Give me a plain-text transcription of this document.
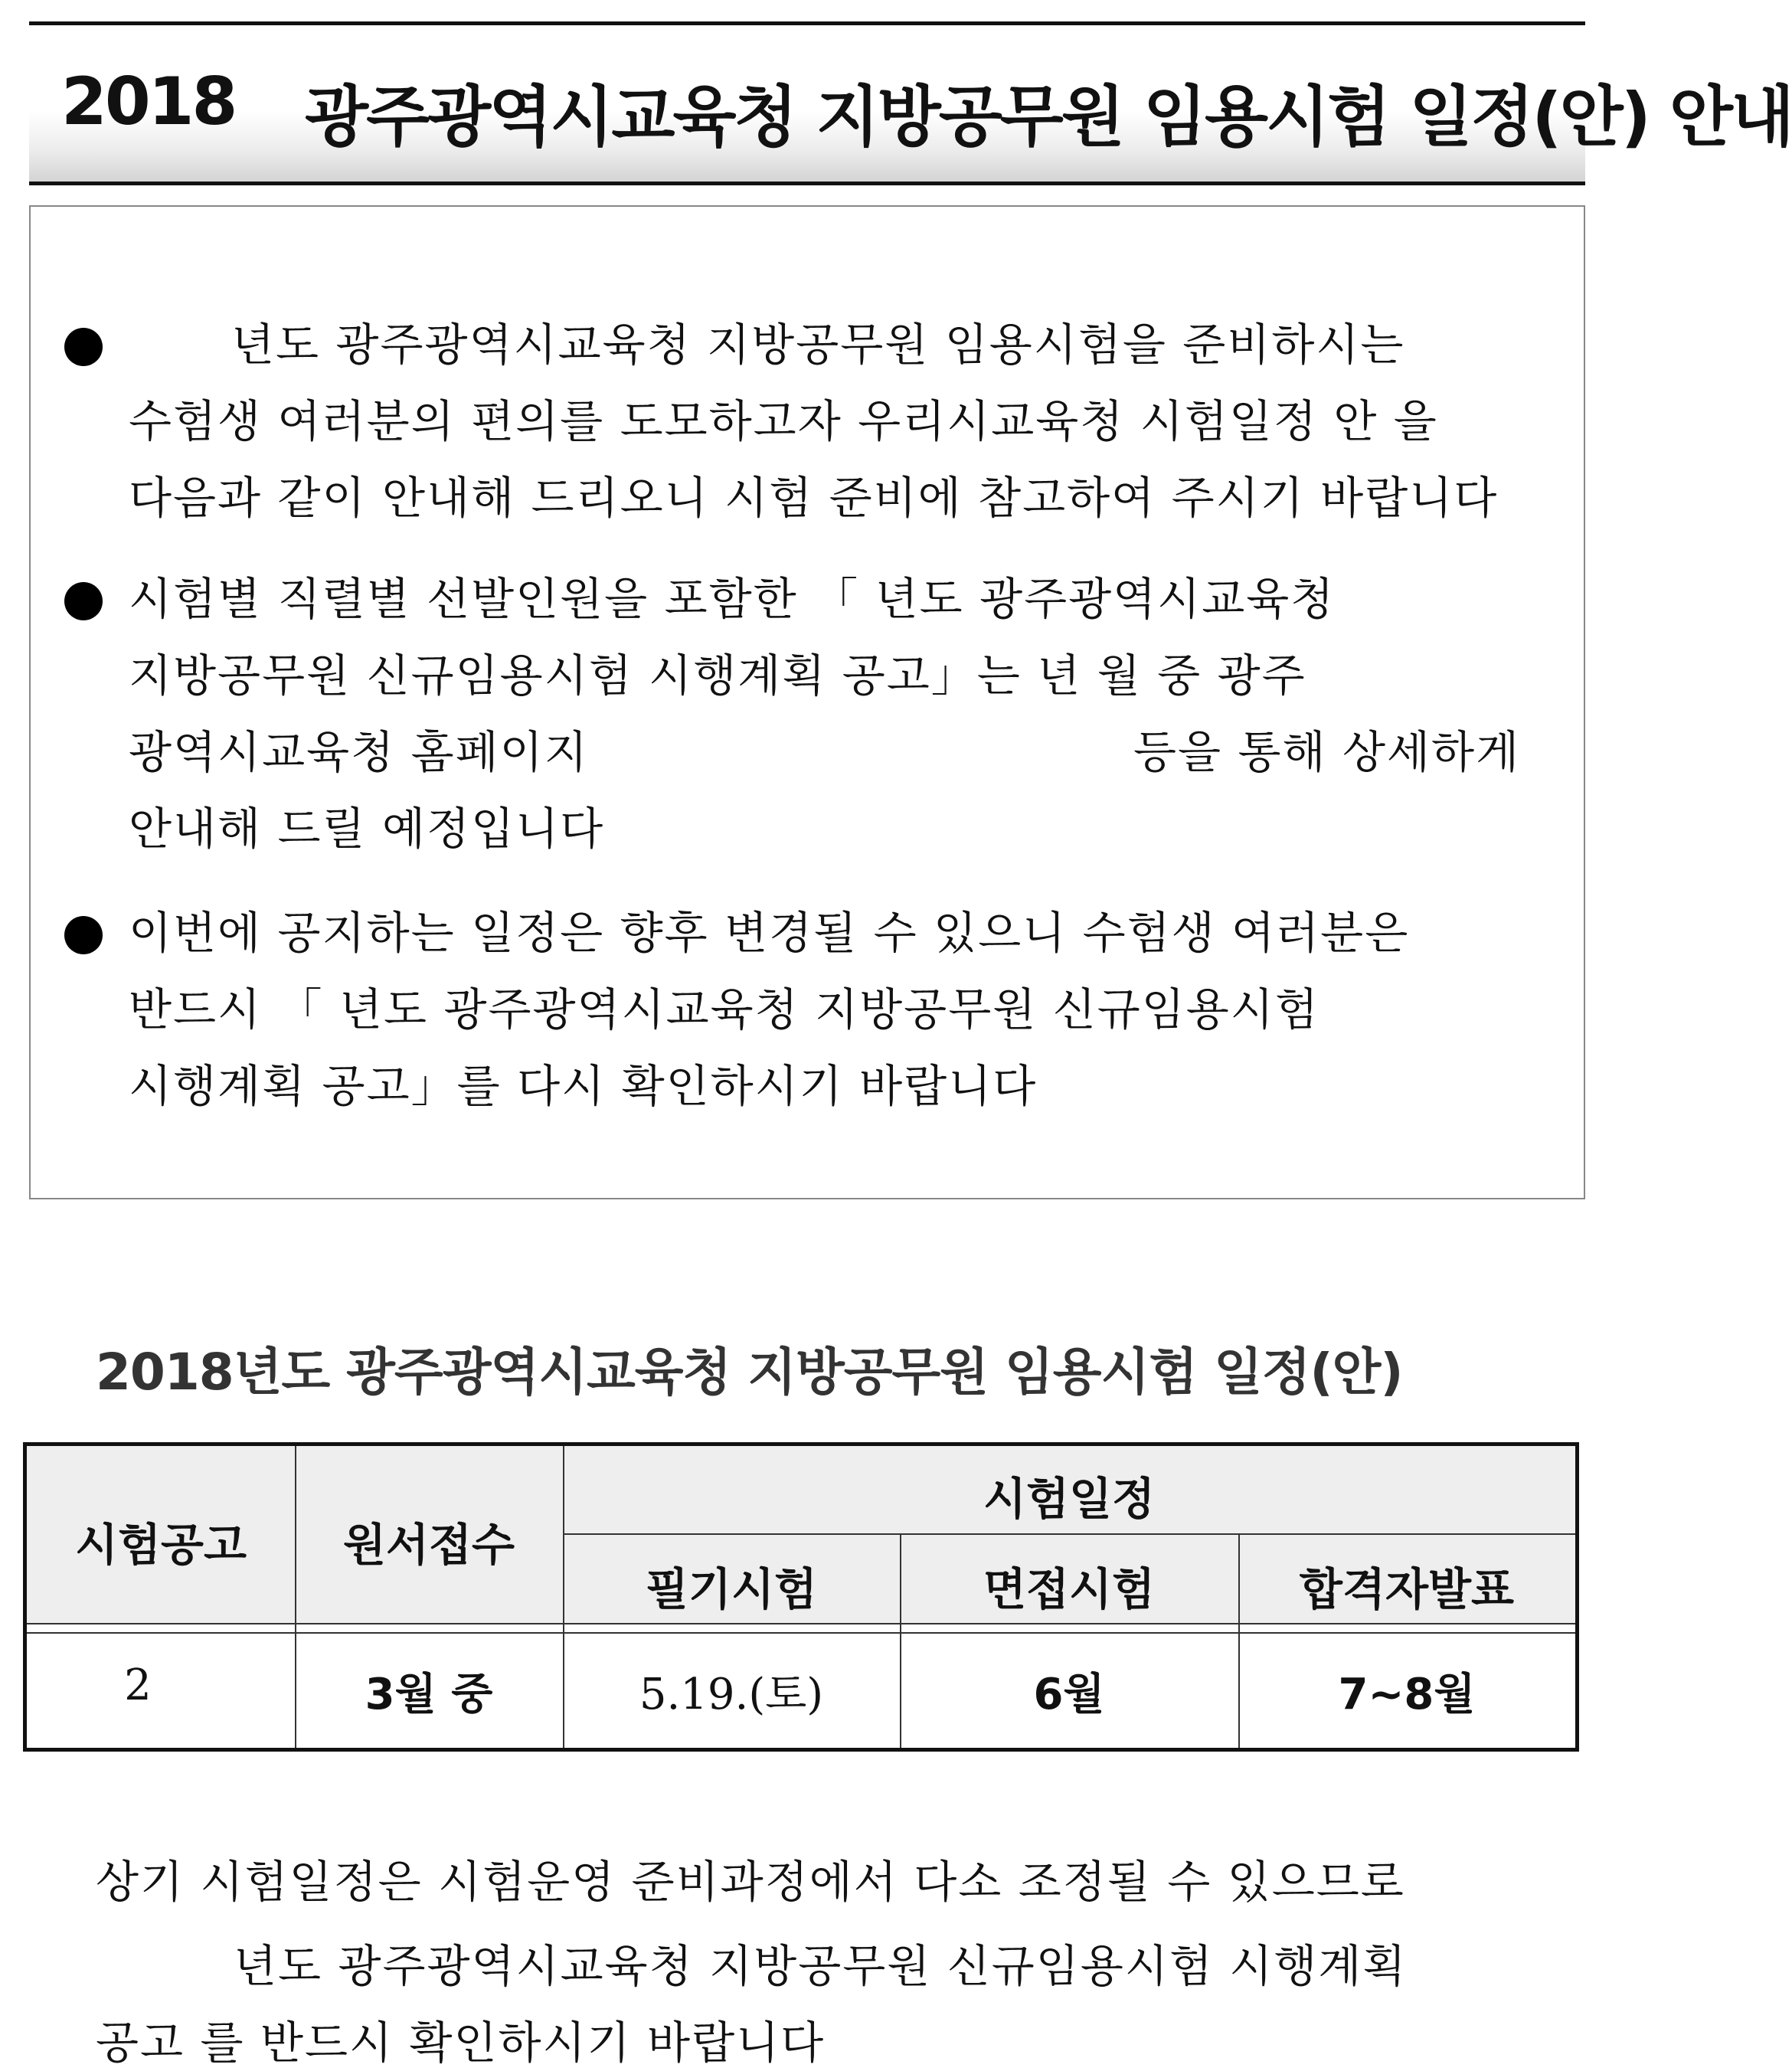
2018 광주광역시교육청 지방공무원 임용시험 일정(안) 안내
년도 광주광역시교육청 지방공무원 임용시험을 준비하시는
수험생 여러분의 편의를 도모하고자 우리시교육청 시험일정 안 을
다음과 같이 안내해 드리오니 시험 준비에 참고하여 주시기 바랍니다
시험별 직렬별 선발인원을 포함한 「 년도 광주광역시교육청
지방공무원 신규임용시험 시행계획 공고」는 년 월 중 광주
광역시교육청 홈페이지	등을 통해 상세하게
안내해 드릴 예정입니다
이번에 공지하는 일정은 향후 변경될 수 있으니 수험생 여러분은
반드시 「 년도 광주광역시교육청 지방공무원 신규임용시험
시행계획 공고」를 다시 확인하시기 바랍니다
2018년도 광주광역시교육청 지방공무원 임용시험 일정(안)
시험공고	원서접수
시험일정
필기시험	면접시험	합격자발표
2	3월 중	5.19.(토)	6월	7~8월
상기 시험일정은 시험운영 준비과정에서 다소 조정될 수 있으므로
년도 광주광역시교육청 지방공무원 신규임용시험 시행계획
공고 를 반드시 확인하시기 바랍니다
